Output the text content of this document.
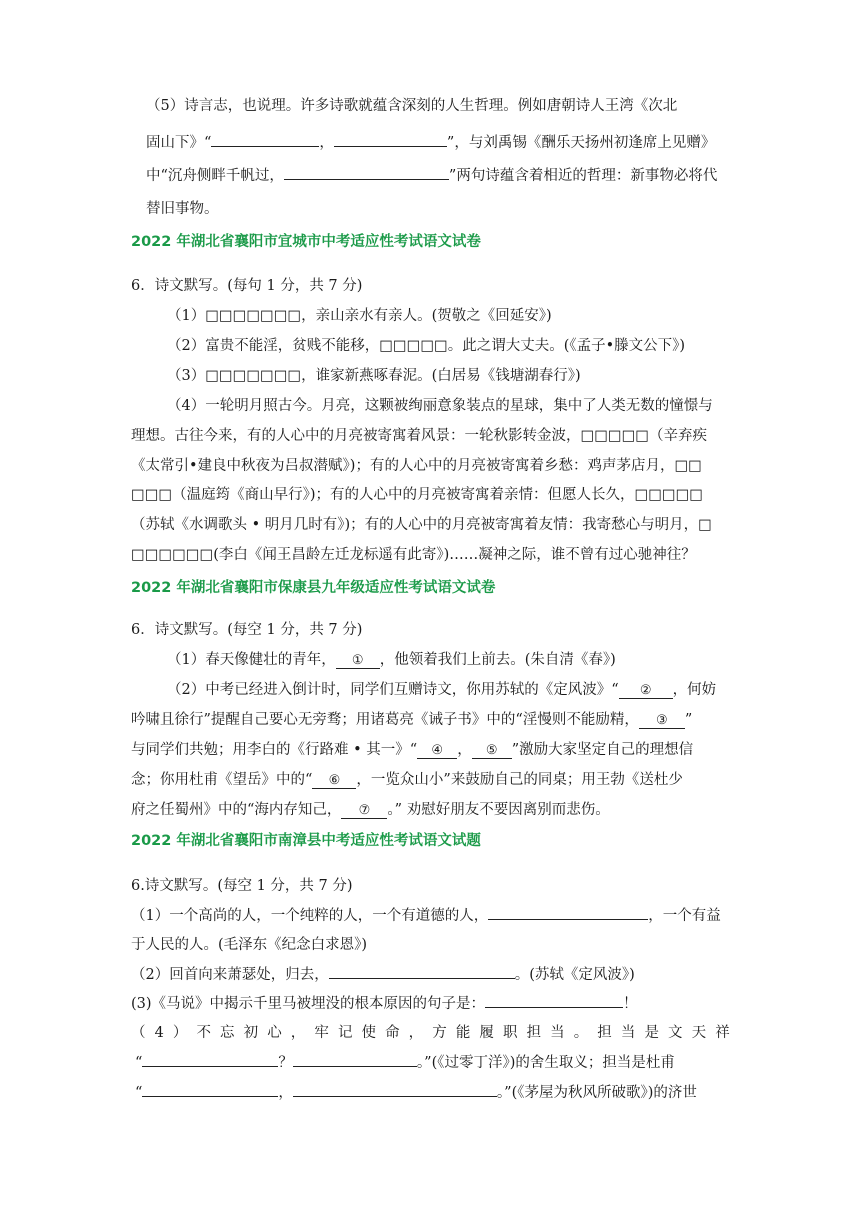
（5）诗言志，也说理。许多诗歌就蕴含深刻的人生哲理。例如唐朝诗人王湾《次北
固山下》“	，	”，与刘禹锡《酬乐天扬州初逢席上见赠》
中“沉舟侧畔千帆过，	”两句诗蕴含着相近的哲理：新事物必将代
替旧事物。
2022 年湖北省襄阳市宜城市中考适应性考试语文试卷
6．诗文默写。(每句 1 分，共 7 分)
（1）□□□□□□□，亲山亲水有亲人。(贺敬之《回延安》)
（2）富贵不能淫，贫贱不能移，□□□□□。此之谓大丈夫。(《孟子•滕文公下》)
（3）□□□□□□□，谁家新燕啄春泥。(白居易《钱塘湖春行》)
（4）一轮明月照古今。月亮，这颗被绚丽意象装点的星球，集中了人类无数的憧憬与
理想。古往今来，有的人心中的月亮被寄寓着风景：一轮秋影转金波，□□□□□（辛弃疾
《太常引•建良中秋夜为吕叔潜赋》)；有的人心中的月亮被寄寓着乡愁：鸡声茅店月，□□
□□□（温庭筠《商山早行》)；有的人心中的月亮被寄寓着亲情：但愿人长久，□□□□□
（苏轼《水调歌头 • 明月几时有》)；有的人心中的月亮被寄寓着友情：我寄愁心与明月，□
□□□□□□(李白《闻王昌龄左迁龙标遥有此寄》)……凝神之际，谁不曾有过心驰神往？
2022 年湖北省襄阳市保康县九年级适应性考试语文试卷
6．诗文默写。(每空 1 分，共 7 分)
（1）春天像健壮的青年， ① ，他领着我们上前去。(朱自清《春》)
（2）中考已经进入倒计时，同学们互赠诗文，你用苏轼的《定风波》“ ② ，何妨
吟啸且徐行”提醒自己要心无旁骛；用诸葛亮《诫子书》中的“淫慢则不能励精， ③ ”
与同学们共勉；用李白的《行路难 • 其一》“ ④ ， ⑤ ”激励大家坚定自己的理想信
念；你用杜甫《望岳》中的“ ⑥ ，一览众山小”来鼓励自己的同桌；用王勃《送杜少
府之任蜀州》中的“海内存知己， ⑦ 。” 劝慰好朋友不要因离别而悲伤。
2022 年湖北省襄阳市南漳县中考适应性考试语文试题
6.诗文默写。(每空 1 分，共 7 分)
（1）一个高尚的人，一个纯粹的人，一个有道德的人，	，一个有益
于人民的人。(毛泽东《纪念白求恩》)
（2）回首向来萧瑟处，归去，	。(苏轼《定风波》)
(3)《马说》中揭示千里马被埋没的根本原因的句子是：	！
（ 4 ） 不 忘 初 心 ， 牢 记 使 命 ， 方 能 履 职 担 当 。 担 当 是 文 天 祥
“	？	。”(《过零丁洋》)的舍生取义；担当是杜甫
“	，	。”(《茅屋为秋风所破歌》)的济世
